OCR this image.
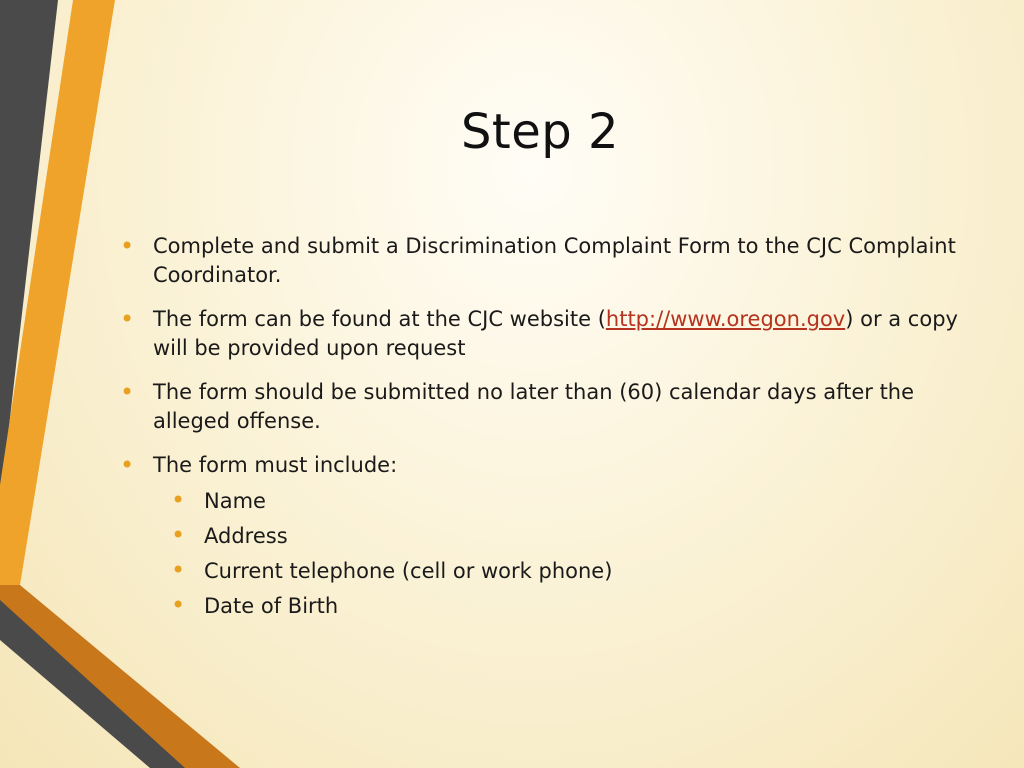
Step 2
• Complete and submit a Discrimination Complaint Form to the CJC Complaint Coordinator.
• The form can be found at the CJC website (http://www.oregon.gov) or a copy will be provided upon request
• The form should be submitted no later than (60) calendar days after the alleged offense.
• The form must include:
• Name
• Address
• Current telephone (cell or work phone)
• Date of Birth
